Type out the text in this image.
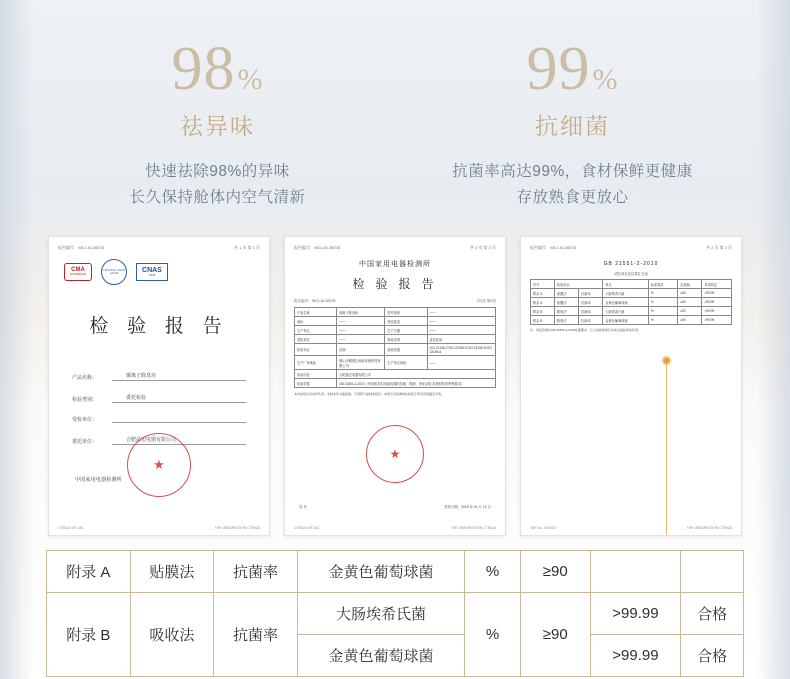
98%
祛异味
快速祛除98%的异味
长久保持舱体内空气清新
99%
抗细菌
抗菌率高达99%，食材保鲜更健康
存放熟食更放心
报告编号：WCI-15-30078	共 1 页 第 1 页
CMA
2014050140Z
TESTING CNAS L0192	CNAS
L0192
检 验 报 告
产品名称：	铜离子除臭块
检验类别：	委托检验
受检单位：
委托单位：	合肥晶宏电器有限公司
中国家用电器检测所
★
CTB02A WT-04C	THE OBSERVATION CTB02A
报告编号：WCI-15-30078	共 2 页 第 2 页
中国家用电器检测所
检 验 报 告
报告编号：WCI-15-30078	共2页 第2页
产品名称	铜离子除臭块	型号规格	——
商标	——	样品数量	——
生产单位	——	生产日期	——
受检单位	——	检验类别	委托检验
检验项目	抗菌	检验依据	ISO 22196-2 ISO 22196-3 ISO 22196-5 ISO 22196-6
生产厂家地址	佛山市顺德区科能环保科技有限公司	生产单位地址	——
检验结论	合肥晶宏电器有限公司		
检验依据	GB 21551-2-2010《家用和类似用途电器的抗菌、除菌、净化功能 抗菌材料的特殊要求》		
本次检验仅对来样负责。未经本所书面批准，不得部分复制本报告。本报告无检测单位检验专用章及骑缝章无效。
★
吴 亮	签发日期：2018 年 01 月 12 日
CTB02A WT-04C	THE OBSERVATION CTB02A
报告编号：WCI-15-30078	共 2 页 第 2 页
GB 21551-2-2010
试验项目及结果汇总表
序号	检验项目		单位	标准要求	实测值	单项判定
附录 A	贴膜法	抗菌率	大肠埃希氏菌	%	≥90	>99.99
附录 A	贴膜法	抗菌率	金黄色葡萄球菌	%	≥90	>99.99
附录 B	吸收法	抗菌率	大肠埃希氏菌	%	≥90	>99.99
附录 B	吸收法	抗菌率	金黄色葡萄球菌	%	≥90	>99.99
注：判定依据为GB 21551-2-2010标准要求。以上检验结果仅对本次送检样品负责。
TBF No. 21/9V24	THE OBSERVATION CTB02A
附录 A	贴膜法	抗菌率	金黄色葡萄球菌	%	≥90		
附录 B	吸收法	抗菌率	大肠埃希氏菌	%	≥90	>99.99	合格
			金黄色葡萄球菌			>99.99	合格
